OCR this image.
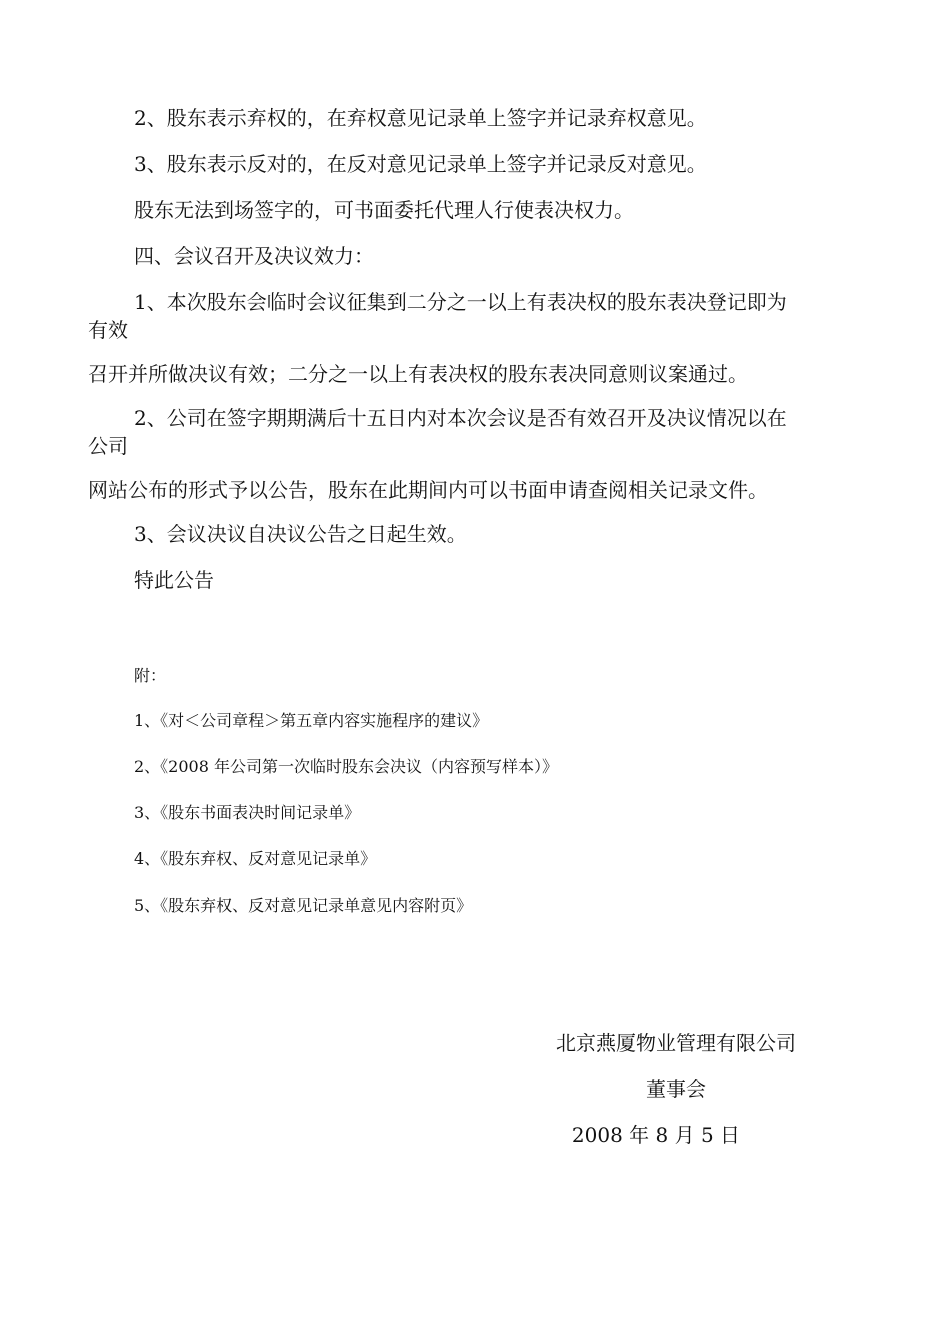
2、股东表示弃权的，在弃权意见记录单上签字并记录弃权意见。
3、股东表示反对的，在反对意见记录单上签字并记录反对意见。
股东无法到场签字的，可书面委托代理人行使表决权力。
四、会议召开及决议效力：
1、本次股东会临时会议征集到二分之一以上有表决权的股东表决登记即为
有效
召开并所做决议有效；二分之一以上有表决权的股东表决同意则议案通过。
2、公司在签字期期满后十五日内对本次会议是否有效召开及决议情况以在
公司
网站公布的形式予以公告，股东在此期间内可以书面申请查阅相关记录文件。
3、会议决议自决议公告之日起生效。
特此公告
附：
1、《对＜公司章程＞第五章内容实施程序的建议》
2、《2008 年公司第一次临时股东会决议（内容预写样本）》
3、《股东书面表决时间记录单》
4、《股东弃权、反对意见记录单》
5、《股东弃权、反对意见记录单意见内容附页》
北京燕厦物业管理有限公司
董事会
2008 年 8 月 5 日
